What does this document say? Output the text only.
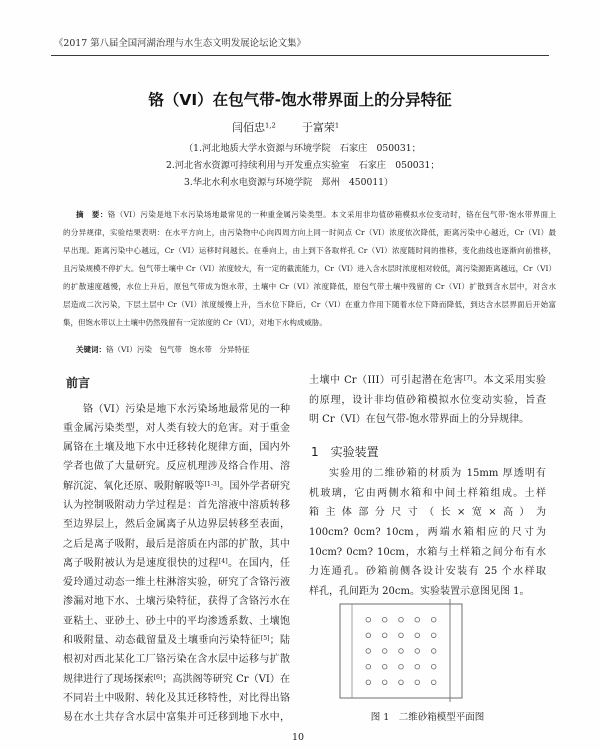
《2017 第八届全国河湖治理与水生态文明发展论坛论文集》
铬（VI）在包气带-饱水带界面上的分异特征
闫佰忠$^{1,2}$ 于富荣$^1$
（1.河北地质大学水资源与环境学院　石家庄　050031；
2.河北省水资源可持续利用与开发重点实验室　石家庄　050031；
3.华北水利水电资源与环境学院　郑州　450011）
摘　要：铬（VI）污染是地下水污染场地最常见的一种重金属污染类型。本文采用非均值砂箱模拟水位变动时，铬在包气带-饱水带界面上
的分异规律，实验结果表明：在水平方向上，由污染物中心向四周方向上同一时间点 Cr（VI）浓度依次降低，距离污染中心越近，Cr（VI）最
早出现。距离污染中心越远，Cr（VI）运移时间越长。在垂向上，由上到下各取样孔 Cr（VI）浓度随时间的推移，变化曲线也逐渐向前推移，
且污染规模不停扩大。包气带土壤中 Cr（VI）浓度较大，有一定的截流能力，Cr（VI）进入含水层时浓度相对较低，离污染源距离越远，Cr（VI）
的扩散速度越慢，水位上升后，原包气带成为饱水带，土壤中 Cr（VI）浓度降低，原包气带土壤中残留的 Cr（VI）扩散到含水层中，对含水
层造成二次污染，下层土层中 Cr（VI）浓度缓慢上升，当水位下降后，Cr（VI）在重力作用下随着水位下降而降低，到达含水层界面后开始富
集，但饱水带以上土壤中仍然残留有一定浓度的 Cr（VI），对地下水构成威胁。
关键词：铬（VI）污染　包气带　饱水带　分异特征
前言
铬（VI）污染是地下水污染场地最常见的一种
重金属污染类型，对人类有较大的危害。对于重金
属铬在土壤及地下水中迁移转化规律方面，国内外
学者也做了大量研究。反应机理涉及络合作用、溶
解沉淀、氧化还原、吸附解吸等[1-3]。国外学者研究
认为控制吸附动力学过程是：首先溶液中溶质转移
至边界层上，然后金属离子从边界层转移至表面，
之后是离子吸附，最后是溶质在内部的扩散，其中
离子吸附被认为是速度很快的过程[4]。在国内，任
爱玲通过动态一维土柱淋溶实验，研究了含铬污液
渗漏对地下水、土壤污染特征，获得了含铬污水在
亚粘土、亚砂土、砂土中的平均渗透系数、土壤饱
和吸附量、动态截留量及土壤垂向污染特征[5]；陆
根初对西北某化工厂铬污染在含水层中运移与扩散
规律进行了现场探索[6]；高洪阁等研究 Cr（VI）在
不同岩土中吸附、转化及其迁移特性，对比得出铬
易在水土共存含水层中富集并可迁移到地下水中，
土壤中 Cr（III）可引起潜在危害[7]。本文采用实验
的原理，设计非均值砂箱模拟水位变动实验，旨查
明 Cr（VI）在包气带-饱水带界面上的分异规律。
1 实验装置
实验用的二维砂箱的材质为 15mm 厚透明有
机玻璃，它由两侧水箱和中间土样箱组成。土样
箱主体部分尺寸（长×宽×高）为
100cm? 0cm? 10cm，两端水箱相应的尺寸为
10cm? 0cm? 10cm，水箱与土样箱之间分布有水
力连通孔。砂箱前侧各设计安装有 25 个水样取
样孔，孔间距为 20cm。实验装置示意图见图 1。
图 1　二维砂箱模型平面图
10
